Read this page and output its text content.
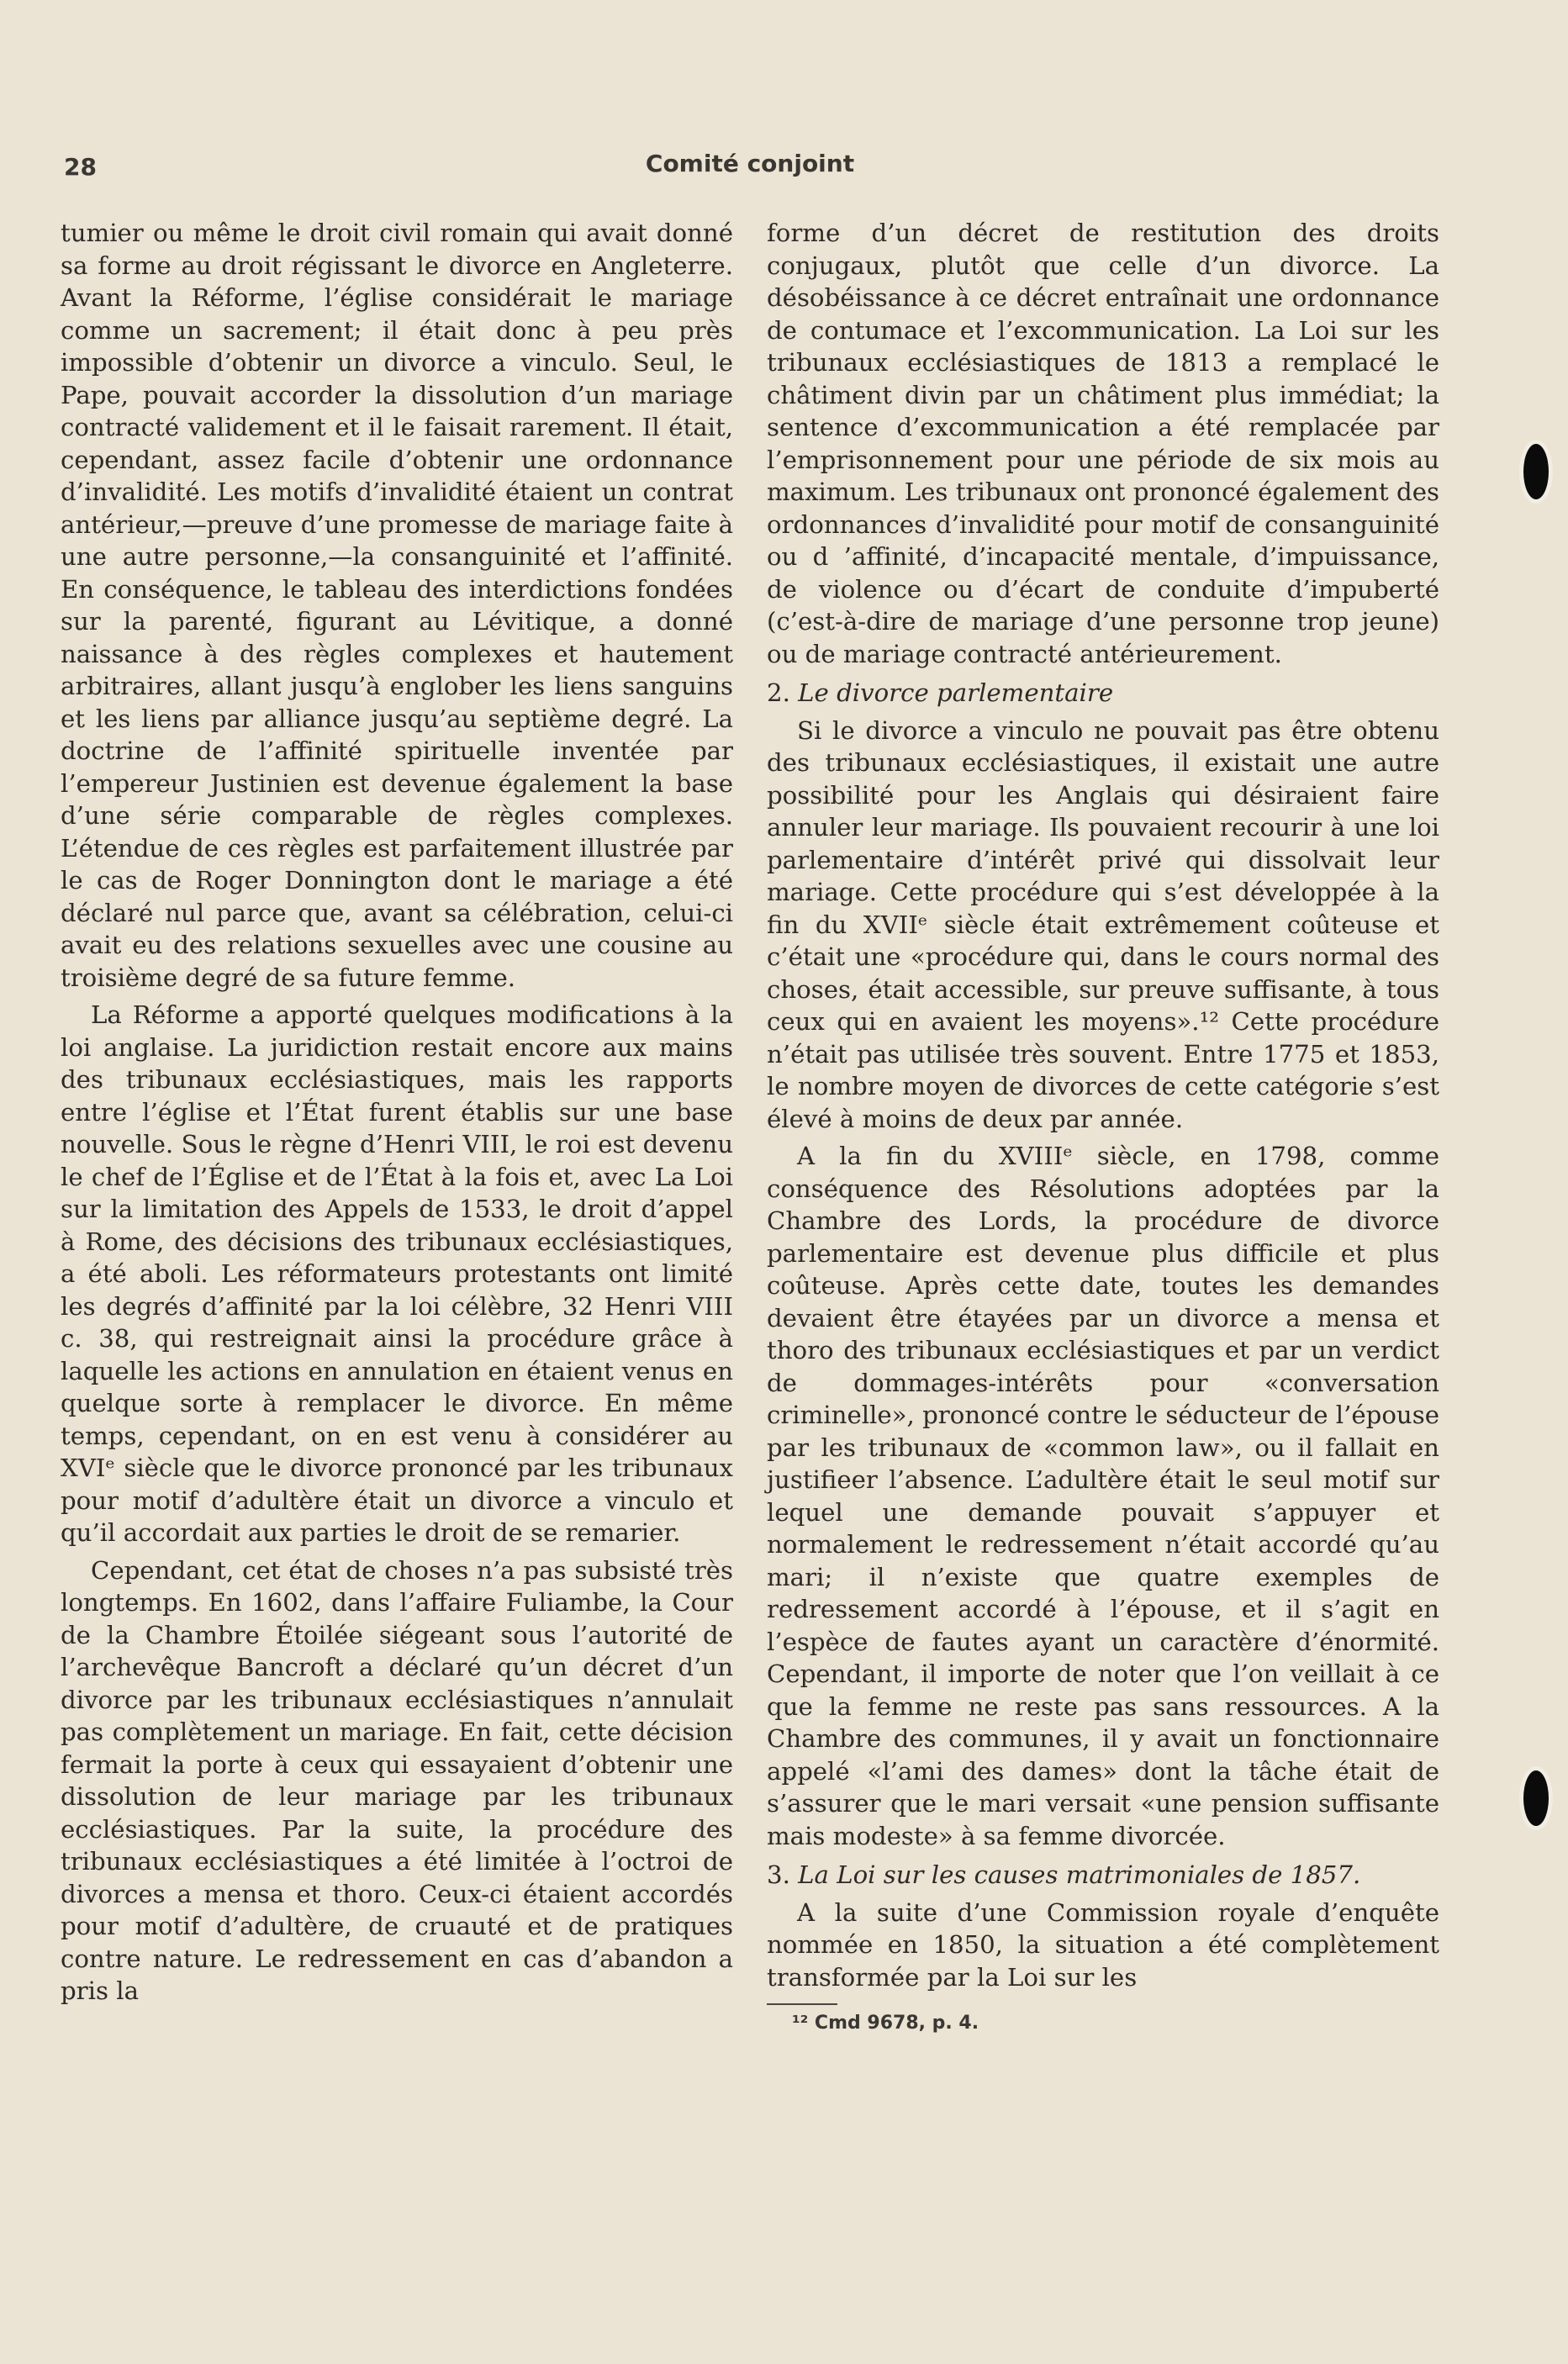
28	Comité conjoint

tumier ou même le droit civil romain qui avait donné sa forme au droit régissant le divorce en Angleterre. Avant la Réforme, l’église considérait le mariage comme un sacrement; il était donc à peu près impossible d’obtenir un divorce a vinculo. Seul, le Pape, pouvait accorder la dissolution d’un mariage contracté validement et il le faisait rarement. Il était, cependant, assez facile d’obtenir une ordonnance d’invalidité. Les motifs d’invalidité étaient un contrat antérieur,—preuve d’une promesse de mariage faite à une autre personne,—la consanguinité et l’affinité. En conséquence, le tableau des interdictions fondées sur la parenté, figurant au Lévitique, a donné naissance à des règles complexes et hautement arbitraires, allant jusqu’à englober les liens sanguins et les liens par alliance jusqu’au septième degré. La doctrine de l’affinité spirituelle inventée par l’empereur Justinien est devenue également la base d’une série comparable de règles complexes. L’étendue de ces règles est parfaitement illustrée par le cas de Roger Donnington dont le mariage a été déclaré nul parce que, avant sa célébration, celui-ci avait eu des relations sexuelles avec une cousine au troisième degré de sa future femme.

La Réforme a apporté quelques modifications à la loi anglaise. La juridiction restait encore aux mains des tribunaux ecclésiastiques, mais les rapports entre l’église et l’État furent établis sur une base nouvelle. Sous le règne d’Henri VIII, le roi est devenu le chef de l’Église et de l’État à la fois et, avec La Loi sur la limitation des Appels de 1533, le droit d’appel à Rome, des décisions des tribunaux ecclésiastiques, a été aboli. Les réformateurs protestants ont limité les degrés d’affinité par la loi célèbre, 32 Henri VIII c. 38, qui restreignait ainsi la procédure grâce à laquelle les actions en annulation en étaient venus en quelque sorte à remplacer le divorce. En même temps, cependant, on en est venu à considérer au XVIᵉ siècle que le divorce prononcé par les tribunaux pour motif d’adultère était un divorce a vinculo et qu’il accordait aux parties le droit de se remarier.

Cependant, cet état de choses n’a pas subsisté très longtemps. En 1602, dans l’affaire Fuliambe, la Cour de la Chambre Étoilée siégeant sous l’autorité de l’archevêque Bancroft a déclaré qu’un décret d’un divorce par les tribunaux ecclésiastiques n’annulait pas complètement un mariage. En fait, cette décision fermait la porte à ceux qui essayaient d’obtenir une dissolution de leur mariage par les tribunaux ecclésiastiques. Par la suite, la procédure des tribunaux ecclésiastiques a été limitée à l’octroi de divorces a mensa et thoro. Ceux-ci étaient accordés pour motif d’adultère, de cruauté et de pratiques contre nature. Le redressement en cas d’abandon a pris la

forme d’un décret de restitution des droits conjugaux, plutôt que celle d’un divorce. La désobéissance à ce décret entraînait une ordonnance de contumace et l’excommunication. La Loi sur les tribunaux ecclésiastiques de 1813 a remplacé le châtiment divin par un châtiment plus immédiat; la sentence d’excommunication a été remplacée par l’emprisonnement pour une période de six mois au maximum. Les tribunaux ont prononcé également des ordonnances d’invalidité pour motif de consanguinité ou d ’affinité, d’incapacité mentale, d’impuissance, de violence ou d’écart de conduite d’impuberté (c’est-à-dire de mariage d’une personne trop jeune) ou de mariage contracté antérieurement.

2. Le divorce parlementaire

Si le divorce a vinculo ne pouvait pas être obtenu des tribunaux ecclésiastiques, il existait une autre possibilité pour les Anglais qui désiraient faire annuler leur mariage. Ils pouvaient recourir à une loi parlementaire d’intérêt privé qui dissolvait leur mariage. Cette procédure qui s’est développée à la fin du XVIIᵉ siècle était extrêmement coûteuse et c’était une «procédure qui, dans le cours normal des choses, était accessible, sur preuve suffisante, à tous ceux qui en avaient les moyens».¹² Cette procédure n’était pas utilisée très souvent. Entre 1775 et 1853, le nombre moyen de divorces de cette catégorie s’est élevé à moins de deux par année.

A la fin du XVIIIᵉ siècle, en 1798, comme conséquence des Résolutions adoptées par la Chambre des Lords, la procédure de divorce parlementaire est devenue plus difficile et plus coûteuse. Après cette date, toutes les demandes devaient être étayées par un divorce a mensa et thoro des tribunaux ecclésiastiques et par un verdict de dommages-intérêts pour «conversation criminelle», prononcé contre le séducteur de l’épouse par les tribunaux de «common law», ou il fallait en justifieer l’absence. L’adultère était le seul motif sur lequel une demande pouvait s’appuyer et normalement le redressement n’était accordé qu’au mari; il n’existe que quatre exemples de redressement accordé à l’épouse, et il s’agit en l’espèce de fautes ayant un caractère d’énormité. Cependant, il importe de noter que l’on veillait à ce que la femme ne reste pas sans ressources. A la Chambre des communes, il y avait un fonctionnaire appelé «l’ami des dames» dont la tâche était de s’assurer que le mari versait «une pension suffisante mais modeste» à sa femme divorcée.

3. La Loi sur les causes matrimoniales de 1857.

A la suite d’une Commission royale d’enquête nommée en 1850, la situation a été complètement transformée par la Loi sur les

¹² Cmd 9678, p. 4.
